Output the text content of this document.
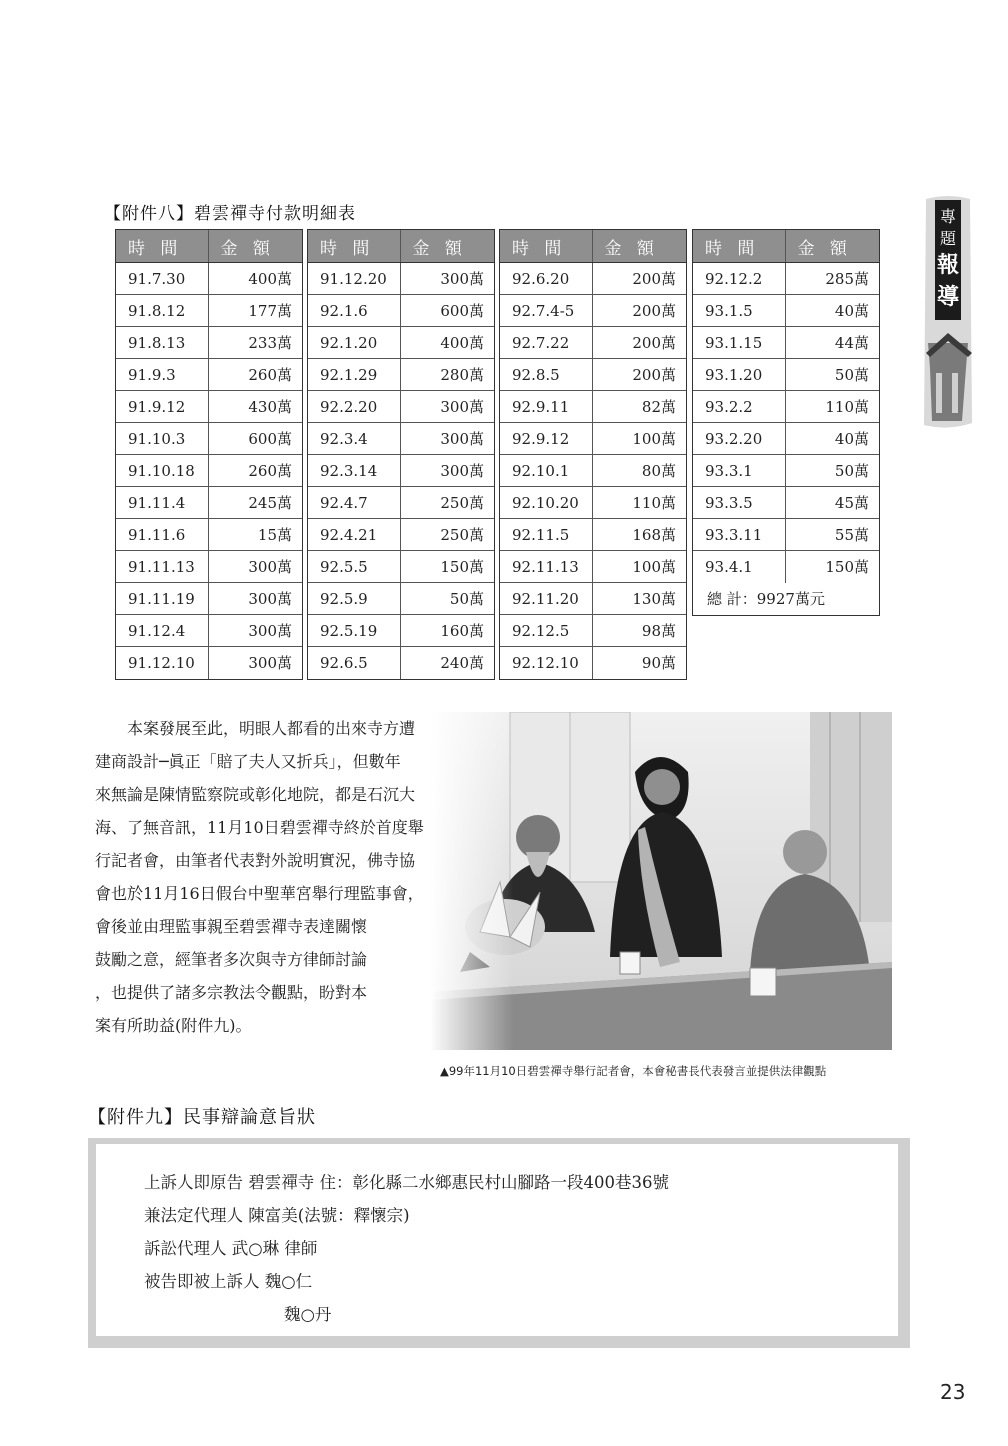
專
題
報
導
【附件八】碧雲禪寺付款明細表
時 間	金 額
91.7.30	400萬
91.8.12	177萬
91.8.13	233萬
91.9.3	260萬
91.9.12	430萬
91.10.3	600萬
91.10.18	260萬
91.11.4	245萬
91.11.6	15萬
91.11.13	300萬
91.11.19	300萬
91.12.4	300萬
91.12.10	300萬
時 間	金 額
91.12.20	300萬
92.1.6	600萬
92.1.20	400萬
92.1.29	280萬
92.2.20	300萬
92.3.4	300萬
92.3.14	300萬
92.4.7	250萬
92.4.21	250萬
92.5.5	150萬
92.5.9	50萬
92.5.19	160萬
92.6.5	240萬
時 間	金 額
92.6.20	200萬
92.7.4-5	200萬
92.7.22	200萬
92.8.5	200萬
92.9.11	82萬
92.9.12	100萬
92.10.1	80萬
92.10.20	110萬
92.11.5	168萬
92.11.13	100萬
92.11.20	130萬
92.12.5	98萬
92.12.10	90萬
時 間	金 額
92.12.2	285萬
93.1.5	40萬
93.1.15	44萬
93.1.20	50萬
93.2.2	110萬
93.2.20	40萬
93.3.1	50萬
93.3.5	45萬
93.3.11	55萬
93.4.1	150萬
總 計：9927萬元	
　　本案發展至此，明眼人都看的出來寺方遭
建商設計─眞正「賠了夫人又折兵」，但數年
來無論是陳情監察院或彰化地院，都是石沉大
海、了無音訊，11月10日碧雲禪寺終於首度舉
行記者會，由筆者代表對外說明實況，佛寺協
會也於11月16日假台中聖華宮舉行理監事會，
會後並由理監事親至碧雲禪寺表達關懷
鼓勵之意，經筆者多次與寺方律師討論
，也提供了諸多宗教法令觀點，盼對本
案有所助益(附件九)。
▲99年11月10日碧雲禪寺舉行記者會，本會秘書長代表發言並提供法律觀點
【附件九】民事辯論意旨狀
上訴人即原告 碧雲禪寺 住：彰化縣二水鄉惠民村山腳路一段400巷36號
兼法定代理人 陳富美(法號：釋懷宗)
訴訟代理人 武○琳 律師
被告即被上訴人 魏○仁
魏○丹
23
